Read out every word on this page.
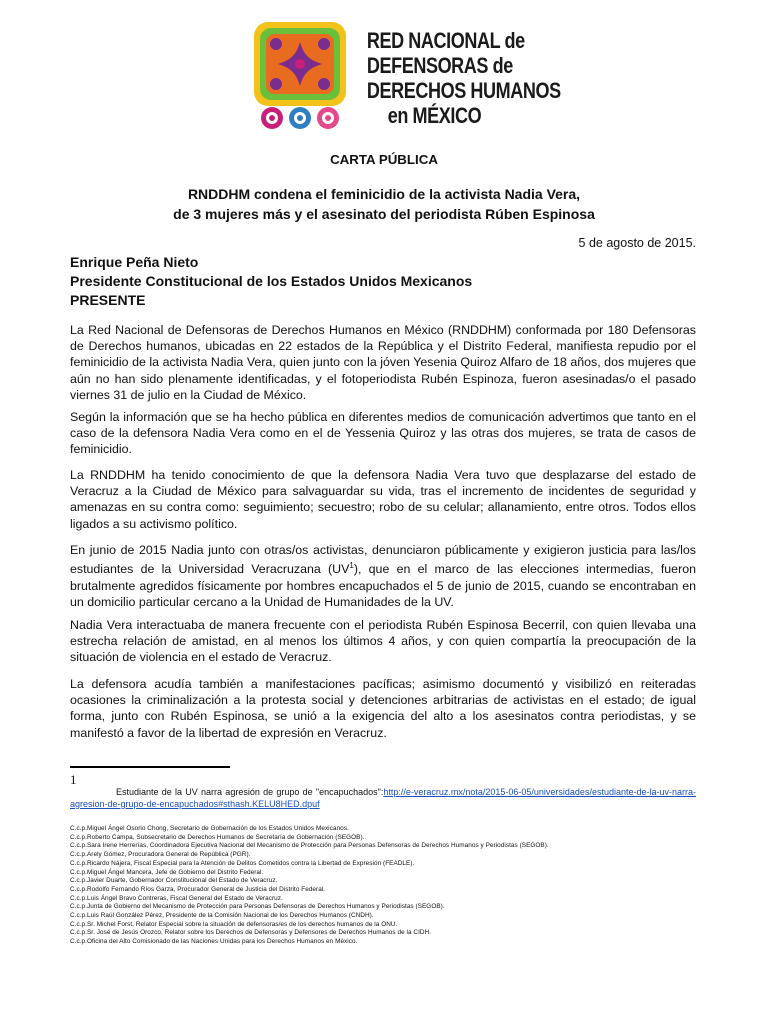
RED NACIONAL de
DEFENSORAS de
DERECHOS HUMANOS
en MÉXICO
CARTA PÚBLICA
RNDDHM condena el feminicidio de la activista Nadia Vera,
de 3 mujeres más y el asesinato del periodista Rúben Espinosa
5 de agosto de 2015.
Enrique Peña Nieto
Presidente Constitucional de los Estados Unidos Mexicanos
PRESENTE
La Red Nacional de Defensoras de Derechos Humanos en México (RNDDHM) conformada por 180 Defensoras de Derechos humanos, ubicadas en 22 estados de la República y el Distrito Federal, manifiesta repudio por el feminicidio de la activista Nadia Vera, quien junto con la jóven Yesenia Quiroz Alfaro de 18 años, dos mujeres que aún no han sido plenamente identificadas, y el fotoperiodista Rubén Espinoza, fueron asesinadas/o el pasado viernes 31 de julio en la Ciudad de México.
Según la información que se ha hecho pública en diferentes medios de comunicación advertimos que tanto en el caso de la defensora Nadia Vera como en el de Yessenia Quiroz y las otras dos mujeres, se trata de casos de feminicidio.
La RNDDHM ha tenido conocimiento de que la defensora Nadia Vera tuvo que desplazarse del estado de Veracruz a la Ciudad de México para salvaguardar su vida, tras el incremento de incidentes de seguridad y amenazas en su contra como: seguimiento; secuestro; robo de su celular; allanamiento, entre otros. Todos ellos ligados a su activismo político.
En junio de 2015 Nadia junto con otras/os activistas, denunciaron públicamente y exigieron justicia para las/los estudiantes de la Universidad Veracruzana $(UV^1)$, que en el marco de las elecciones intermedias, fueron brutalmente agredidos físicamente por hombres encapuchados el 5 de junio de 2015, cuando se encontraban en un domicilio particular cercano a la Unidad de Humanidades de la UV.
Nadia Vera interactuaba de manera frecuente con el periodista Rubén Espinosa Becerril, con quien llevaba una estrecha relación de amistad, en al menos los últimos 4 años, y con quien compartía la preocupación de la situación de violencia en el estado de Veracruz.
La defensora acudía también a manifestaciones pacíficas; asimismo documentó y visibilizó en reiteradas ocasiones la criminalización a la protesta social y detenciones arbitrarias de activistas en el estado; de igual forma, junto con Rubén Espinosa, se unió a la exigencia del alto a los asesinatos contra periodistas, y se manifestó a favor de la libertad de expresión en Veracruz.
1
Estudiante de la UV narra agresión de grupo de "encapuchados":http://e-veracruz.mx/nota/2015-06-05/universidades/estudiante-de-la-uv-narra-agresion-de-grupo-de-encapuchados#sthash.KELU8HED.dpuf
C.c.p.Miguel Ángel Osorio Chong, Secretario de Gobernación de los Estados Unidos Mexicanos.
C.c.p.Roberto Campa, Subsecretario de Derechos Humanos de Secretaría de Gobernación (SEGOB).
C.c.p.Sara Irene Herrerías, Coordinadora Ejecutiva Nacional del Mecanismo de Protección para Personas Defensoras de Derechos Humanos y Periodistas (SEGOB).
C.c.p.Arely Gómez, Procuradora General de República (PGR).
C.c.p.Ricardo Nájera, Fiscal Especial para la Atención de Delitos Cometidos contra la Libertad de Expresión (FEADLE).
C.c.p.Miguel Ángel Mancera, Jefe de Gobierno del Distrito Federal.
C.c.p.Javier Duarte, Gobernador Constitucional del Estado de Veracruz.
C.c.p.Rodolfo Fernando Ríos Garza, Procurador General de Justicia del Distrito Federal.
C.c.p.Luis Ángel Bravo Contreras, Fiscal General del Estado de Veracruz.
C.c.p.Junta de Gobierno del Mecanismo de Protección para Personas Defensoras de Derechos Humanos y Periodistas (SEGOB).
C.c.p.Luis Raúl González Pérez, Presidente de la Comisión Nacional de los Derechos Humanos (CNDH).
C.c.p.Sr. Michel Forst, Relator Especial sobre la situación de defensoras/es de los derechos humanos de la ONU.
C.c.p.Sr. José de Jesús Orozco, Relator sobre los Derechos de Defensoras y Defensores de Derechos Humanos de la CIDH.
C.c.p.Oficina del Alto Comisionado de las Naciones Unidas para los Derechos Humanos en México.
